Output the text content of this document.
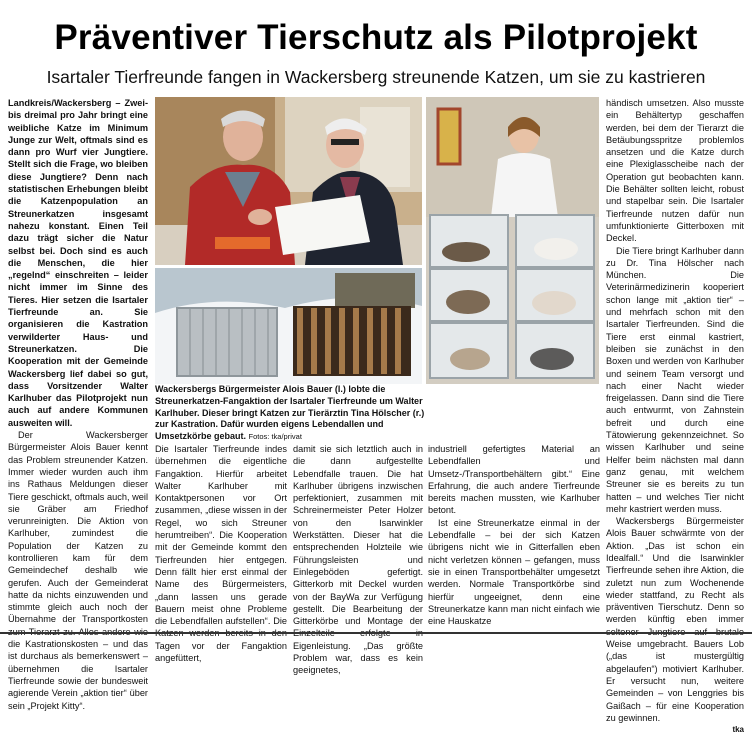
Präventiver Tierschutz als Pilotprojekt
Isartaler Tierfreunde fangen in Wackersberg streunende Katzen, um sie zu kastrieren

Landkreis/Wackersberg – Zwei- bis dreimal pro Jahr bringt eine weibliche Katze im Minimum Junge zur Welt, oftmals sind es dann pro Wurf vier Jungtiere. Stellt sich die Frage, wo bleiben diese Jungtiere? Denn nach statistischen Erhebungen bleibt die Katzenpopulation an Streunerkatzen insgesamt nahezu konstant. Einen Teil dazu trägt sicher die Natur selbst bei. Doch sind es auch die Menschen, die hier „regelnd“ einschreiten – leider nicht immer im Sinne des Tieres. Hier setzen die Isartaler Tierfreunde an. Sie organisieren die Kastration verwilderter Haus- und Streunerkatzen. Die Kooperation mit der Gemeinde Wackersberg lief dabei so gut, dass Vorsitzender Walter Karlhuber das Pilotprojekt nun auch auf andere Kommunen ausweiten will.

Der Wackersberger Bürgermeister Alois Bauer kennt das Problem streunender Katzen. Immer wieder wurden auch ihm ins Rathaus Meldungen dieser Tiere geschickt, oftmals auch, weil sie Gräber am Friedhof verunreinigten. Die Aktion von Karlhuber, zumindest die Population der Katzen zu kontrollieren kam für dem Gemeindechef deshalb wie gerufen. Auch der Gemeinderat hatte da nichts einzuwenden und stimmte gleich auch noch der Übernahme der Transportkosten die Kastrationskosten – und das ist durchaus als bemerkenswert – übernehmen die Isartaler Tierfreunde sowie der bundesweit agierende Verein „aktion tier“ über sein „Projekt Kitty“.

Wackersbergs Bürgermeister Alois Bauer (l.) lobte die Streunerkatzen-Fangaktion der Isartaler Tierfreunde um Walter Karlhuber. Dieser bringt Katzen zur Tierärztin Tina Hölscher (r.) zur Kastration. Dafür wurden eigens Lebendallen und Umsetzkörbe gebaut. Fotos: tka/privat

Die Isartaler Tierfreunde indes übernehmen die eigentliche Fangaktion. Hierfür arbeitet Walter Karlhuber mit Kontaktpersonen vor Ort zusammen, „diese wissen in der Regel, wo sich Streuner herumtreiben“. Die Kooperation mit der Gemeinde kommt den Tierfreunden hier entgegen. Denn fällt hier erst einmal der Name des Bürgermeisters, „dann lassen uns gerade Bauern meist ohne Probleme die Lebendfallen aufstellen“. Die Tagen vor der Fangaktion angefüttert,

damit sie sich letztlich auch in die dann aufgestellte Lebendfalle trauen. Die hat Karlhuber übrigens inzwischen perfektioniert, zusammen mit Schreinermeister Peter Holzer von den Isarwinkler Werkstätten. Dieser hat die entsprechenden Holzteile wie Führungsleisten und Einlegeböden gefertigt. Gitterkorb mit Deckel wurden von der BayWa zur Verfügung gestellt. Die Bearbeitung der Gitterkörbe und Montage der Eigenleistung. „Das größte Problem war, dass es kein geeignetes,

industriell gefertigtes Material an Lebendfallen und Umsetz-/Transportbehältern gibt.“ Eine Erfahrung, die auch andere Tierfreunde bereits machen mussten, wie Karlhuber betont.

Ist eine Streunerkatze einmal in der Lebendfalle – bei der sich Katzen übrigens nicht wie in Gitterfallen eben nicht verletzen können – gefangen, muss sie in einen Transportbehälter umgesetzt werden. Normale Transportkörbe sind hierfür ungeeignet, denn eine Streunerkatze kann man nicht einfach wie eine Hauskatze

händisch umsetzen. Also musste ein Behältertyp geschaffen werden, bei dem der Tierarzt die Betäubungsspritze problemlos ansetzen und die Katze durch eine Plexiglasscheibe nach der Operation gut beobachten kann. Die Behälter sollten leicht, robust und stapelbar sein. Die Isartaler Tierfreunde nutzen dafür nun umfunktionierte Gitterboxen mit Deckel.

Die Tiere bringt Karlhuber dann zu Dr. Tina Hölscher nach München. Die Veterinärmedizinerin kooperiert schon lange mit „aktion tier“ – und mehrfach schon mit den Isartaler Tierfreunden. Sind die Tiere erst einmal kastriert, bleiben sie zunächst in den Boxen und werden von Karlhuber und seinem Team versorgt und nach einer Nacht wieder freigelassen. Dann sind die Tiere auch entwurmt, von Zahnstein befreit und durch eine Tätowierung gekennzeichnet. So wissen Karlhuber und seine Helfer beim nächsten mal dann ganz genau, mit welchem Streuner sie es bereits zu tun hatten – und welches Tier nicht mehr kastriert werden muss.

Wackersbergs Bürgermeister Alois Bauer schwärmte von der Aktion. „Das ist schon ein Idealfall.“ Und die Isarwinkler Tierfreunde sehen ihre Aktion, die zuletzt nun zum Wochenende wieder stattfand, zu Recht als präventiven Tierschutz. Denn so werden künftig eben immer Weise umgebracht. Bauers Lob („das ist mustergültig abgelaufen“) motiviert Karlhuber. Er versucht nun, weitere Gemeinden – von Lenggries bis Gaißach – für eine Kooperation zu gewinnen.

tka
